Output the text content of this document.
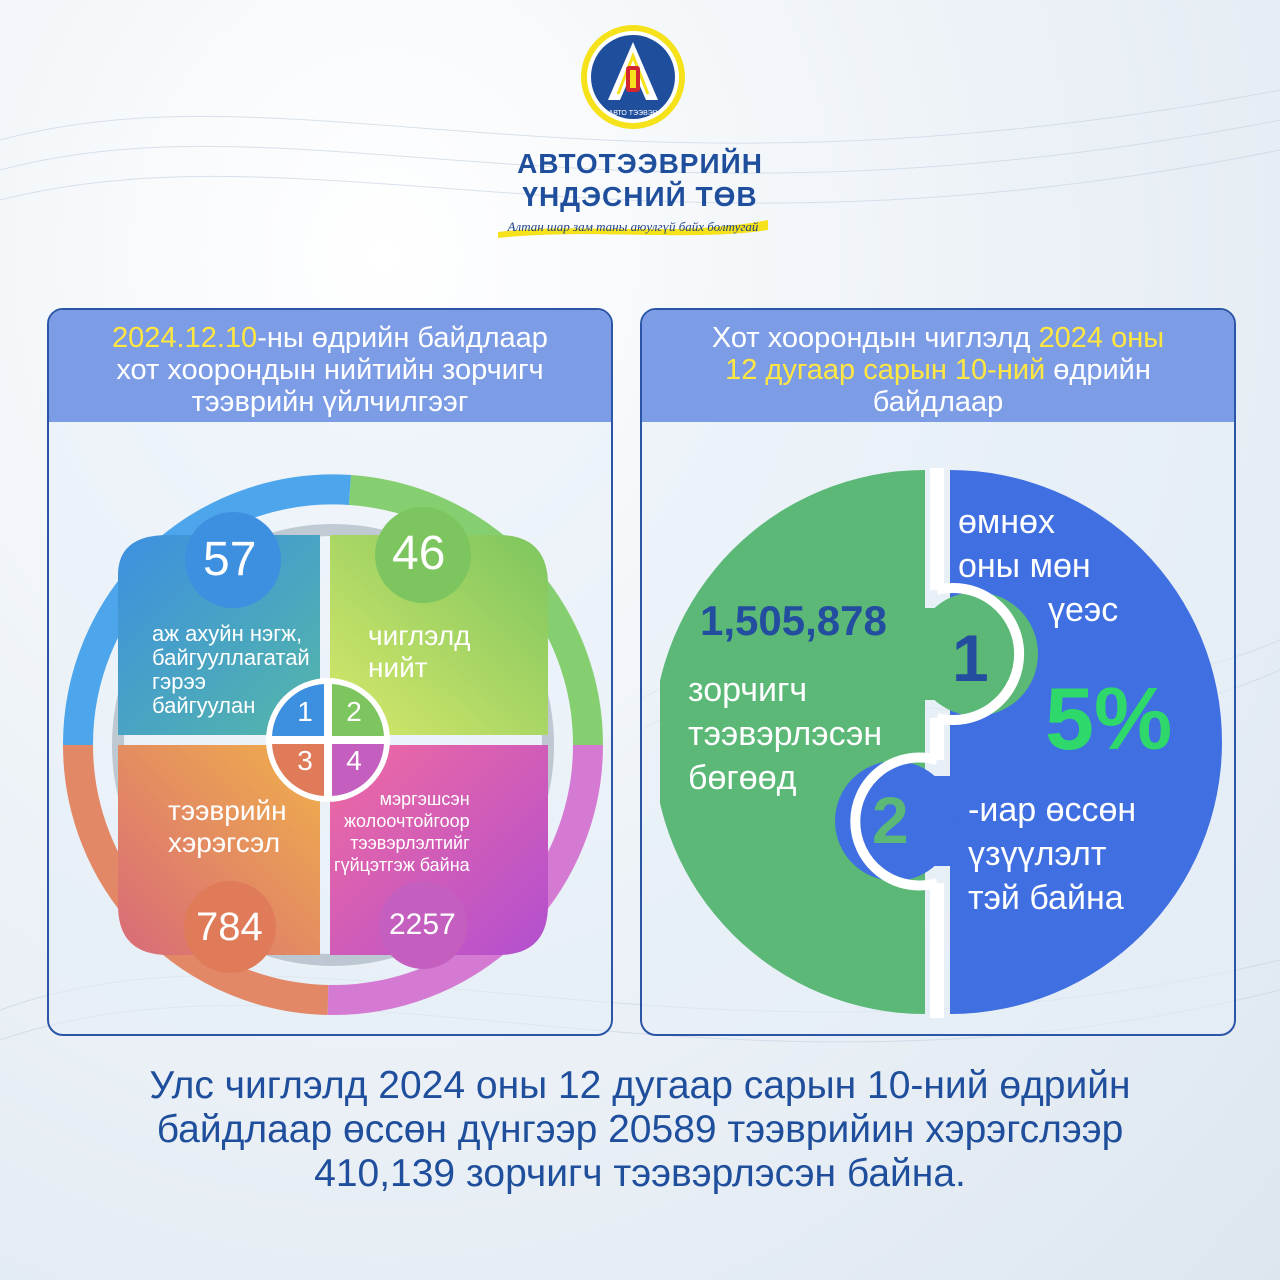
АВТО ТЭЭВЭР
АВТОТЭЭВРИЙН
ҮНДЭСНИЙ ТӨВ
Алтан шар зам таны аюулгүй байх болтугай
2024.12.10-ны өдрийн байдлаар
хот хоорондын нийтийн зорчигч
тээврийн үйлчилгээг
57	46
784	2257
аж ахуйн нэгж,
байгууллагатай
гэрээ
байгуулан
чиглэлд
нийт
тээврийн
хэрэгсэл
мэргэшсэн
жолоочтойгоор
тээвэрлэлтийг
гүйцэтгэж байна
1	2
3	4
Хот хоорондын чиглэлд 2024 оны
12 дугаар сарын 10-ний өдрийн
байдлаар
1,505,878
зорчигч
тээвэрлэсэн
бөгөөд
1
2
өмнөх
оны мөн
үеэс
5%
-иар өссөн
үзүүлэлт
тэй байна
Улс чиглэлд 2024 оны 12 дугаар сарын 10-ний өдрийн
байдлаар өссөн дүнгээр 20589 тээврийин хэрэгслээр
410,139 зорчигч тээвэрлэсэн байна.
